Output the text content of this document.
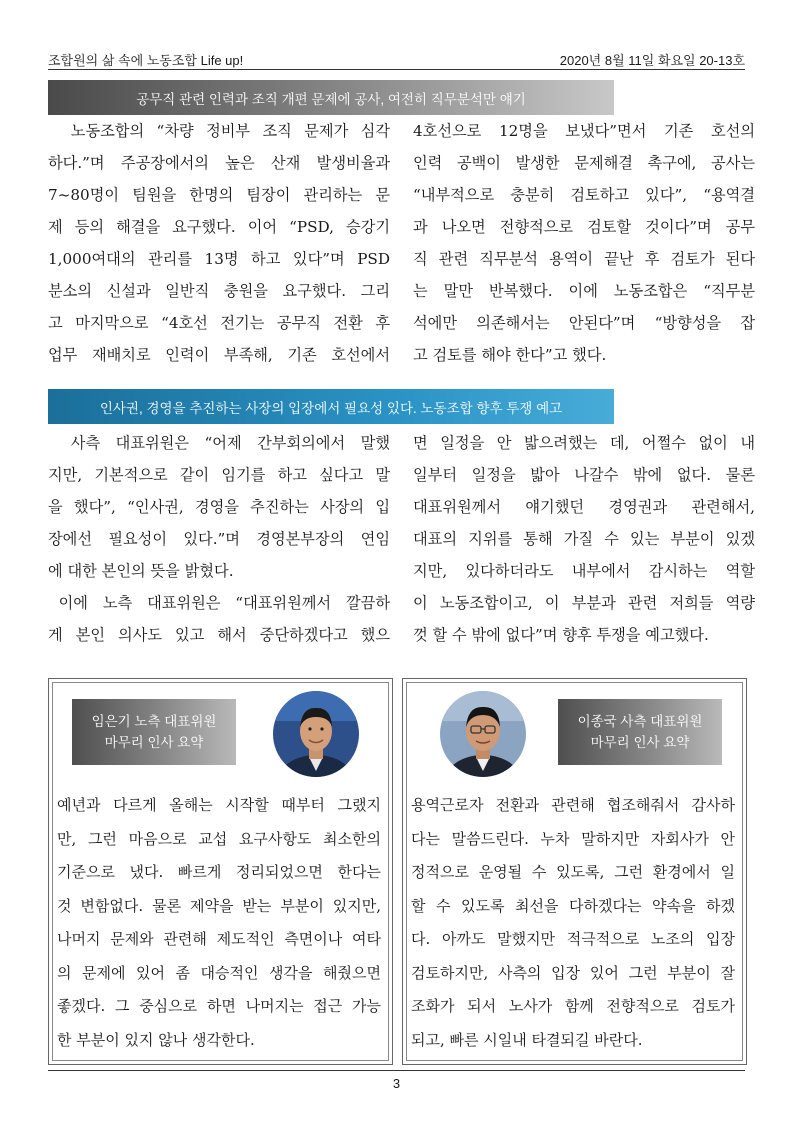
조합원의 삶 속에 노동조합 Life up!	2020년 8월 11일 화요일 20-13호
공무직 관련 인력과 조직 개편 문제에 공사, 여전히 직무분석만 얘기

노동조합의 “차량 정비부 조직 문제가 심각

하다.”며 주공장에서의 높은 산재 발생비율과

7~80명이 팀원을 한명의 팀장이 관리하는 문

제 등의 해결을 요구했다. 이어 “PSD, 승강기

1,000여대의 관리를 13명 하고 있다”며 PSD

분소의 신설과 일반직 충원을 요구했다. 그리

고 마지막으로 “4호선 전기는 공무직 전환 후

업무 재배치로 인력이 부족해, 기존 호선에서

4호선으로 12명을 보냈다”면서 기존 호선의

인력 공백이 발생한 문제해결 촉구에, 공사는

“내부적으로 충분히 검토하고 있다”, “용역결

과 나오면 전향적으로 검토할 것이다”며 공무

직 관련 직무분석 용역이 끝난 후 검토가 된다

는 말만 반복했다. 이에 노동조합은 “직무분

석에만 의존해서는 안된다”며 “방향성을 잡

고 검토를 해야 한다”고 했다.

인사권, 경영을 추진하는 사장의 입장에서 필요성 있다. 노동조합 향후 투쟁 예고

사측 대표위원은 “어제 간부회의에서 말했

지만, 기본적으로 같이 임기를 하고 싶다고 말

을 했다”, “인사권, 경영을 추진하는 사장의 입

장에선 필요성이 있다.”며 경영본부장의 연임

에 대한 본인의 뜻을 밝혔다.

이에 노측 대표위원은 “대표위원께서 깔끔하

게 본인 의사도 있고 해서 중단하겠다고 했으

면 일정을 안 밟으려했는 데, 어쩔수 없이 내

일부터 일정을 밟아 나갈수 밖에 없다. 물론

대표위원께서 얘기했던 경영권과 관련해서,

대표의 지위를 통해 가질 수 있는 부분이 있겠

지만, 있다하더라도 내부에서 감시하는 역할

이 노동조합이고, 이 부분과 관련 저희들 역량

껏 할 수 밖에 없다”며 향후 투쟁을 예고했다.

임은기 노측 대표위원
마무리 인사 요약

예년과 다르게 올해는 시작할 때부터 그랬지

만, 그런 마음으로 교섭 요구사항도 최소한의

기준으로 냈다. 빠르게 정리되었으면 한다는

것 변함없다. 물론 제약을 받는 부분이 있지만,

나머지 문제와 관련해 제도적인 측면이나 여타

의 문제에 있어 좀 대승적인 생각을 해줬으면

좋겠다. 그 중심으로 하면 나머지는 접근 가능

한 부분이 있지 않나 생각한다.

이종국 사측 대표위원
마무리 인사 요약

용역근로자 전환과 관련해 협조해줘서 감사하

다는 말씀드린다. 누차 말하지만 자회사가 안

정적으로 운영될 수 있도록, 그런 환경에서 일

할 수 있도록 최선을 다하겠다는 약속을 하겠

다. 아까도 말했지만 적극적으로 노조의 입장

검토하지만, 사측의 입장 있어 그런 부분이 잘

조화가 되서 노사가 함께 전향적으로 검토가

되고, 빠른 시일내 타결되길 바란다.

3
